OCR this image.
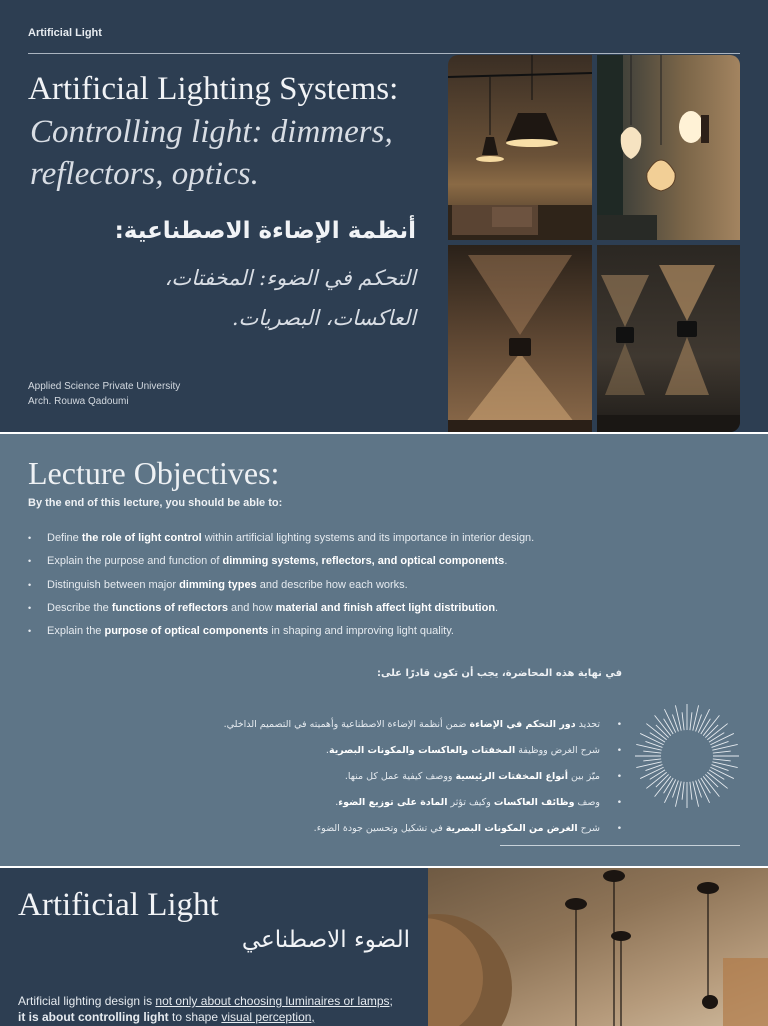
Artificial Light
Artificial Lighting Systems:
Controlling light: dimmers, reflectors, optics.
أنظمة الإضاءة الاصطناعية:
التحكم في الضوء: المخفتات، العاكسات، البصريات.
Applied Science Private University
Arch. Rouwa Qadoumi
Lecture Objectives:
By the end of this lecture, you should be able to:
• Define the role of light control within artificial lighting systems and its importance in interior design.
• Explain the purpose and function of dimming systems, reflectors, and optical components.
• Distinguish between major dimming types and describe how each works.
• Describe the functions of reflectors and how material and finish affect light distribution.
• Explain the purpose of optical components in shaping and improving light quality.
في نهاية هذه المحاضرة، يجب أن تكون قادرًا على:
• تحديد دور التحكم في الإضاءة ضمن أنظمة الإضاءة الاصطناعية وأهميته في التصميم الداخلي.
• شرح الغرض ووظيفة المخفتات والعاكسات والمكونات البصرية.
• ميّز بين أنواع المخفتات الرئيسية ووصف كيفية عمل كل منها.
• وصف وظائف العاكسات وكيف تؤثر المادة على توزيع الضوء.
• شرح الغرض من المكونات البصرية في تشكيل وتحسين جودة الضوء.
Artificial Light
الضوء الاصطناعي
Artificial lighting design is not only about choosing luminaires or lamps; it is about controlling light to shape visual perception,
